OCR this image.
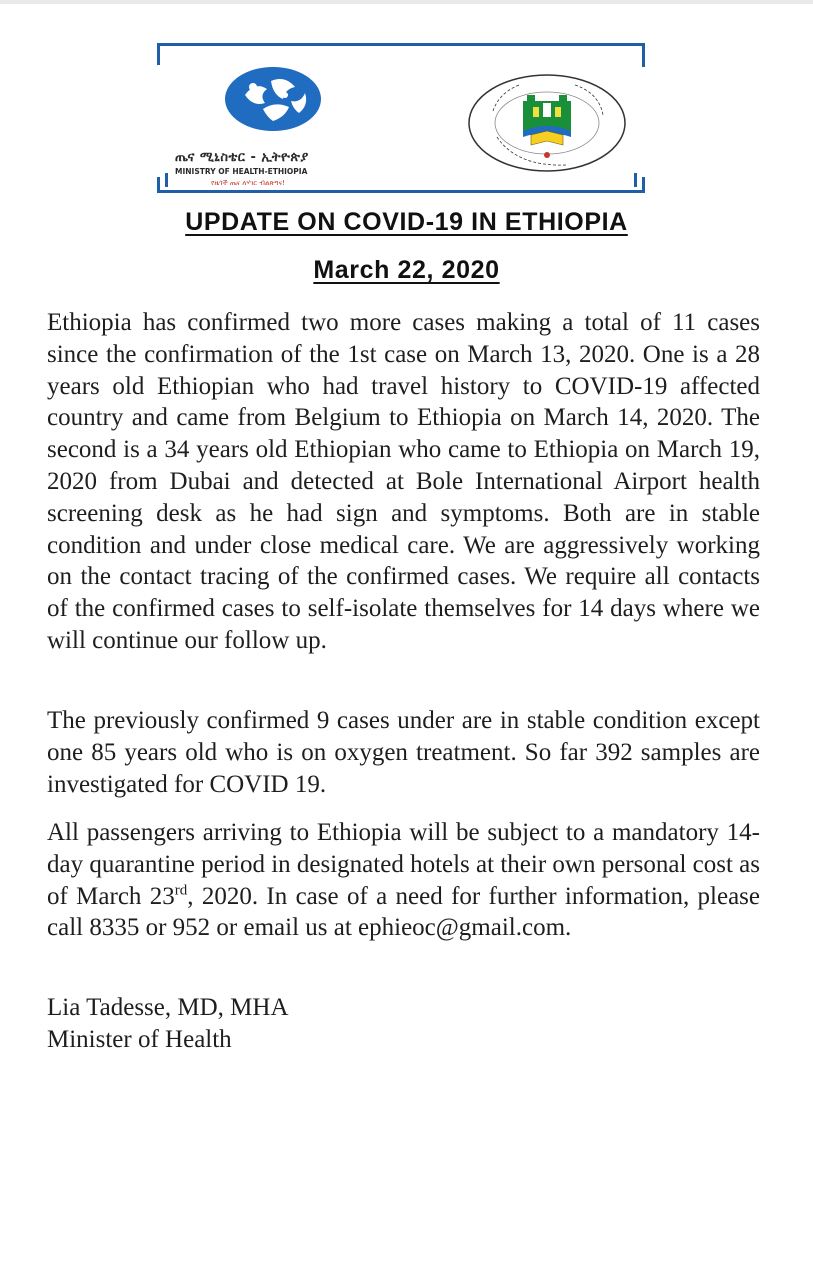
ጤና ሚኒስቴር - ኢትዮጵያ
MINISTRY OF HEALTH-ETHIOPIA
የዜጎች ጤና ለሃገር ብልጽግና!
UPDATE ON COVID-19 IN ETHIOPIA
March 22, 2020

Ethiopia has confirmed two more cases making a total of 11 cases since the confirmation of the 1st case on March 13, 2020. One is a 28 years old Ethiopian who had travel history to COVID-19 affected country and came from Belgium to Ethiopia on March 14, 2020. The second is a 34 years old Ethiopian who came to Ethiopia on March 19, 2020 from Dubai and detected at Bole International Airport health screening desk as he had sign and symptoms. Both are in stable condition and under close medical care. We are aggressively working on the contact tracing of the confirmed cases. We require all contacts of the confirmed cases to self-isolate themselves for 14 days where we will continue our follow up.

The previously confirmed 9 cases under are in stable condition except one 85 years old who is on oxygen treatment. So far 392 samples are investigated for COVID 19.

All passengers arriving to Ethiopia will be subject to a mandatory 14-day quarantine period in designated hotels at their own personal cost as of March 23rd, 2020. In case of a need for further information, please call 8335 or 952 or email us at ephieoc@gmail.com.

Lia Tadesse, MD, MHA
Minister of Health
